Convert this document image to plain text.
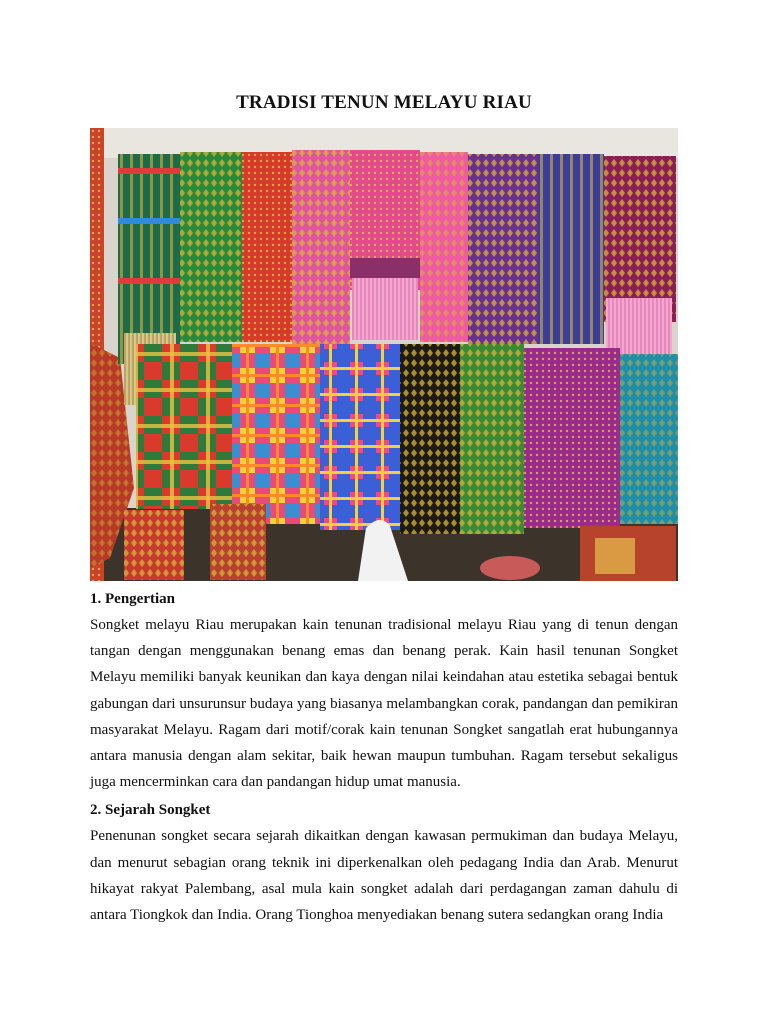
TRADISI TENUN MELAYU RIAU

1. Pengertian

Songket melayu Riau merupakan kain tenunan tradisional melayu Riau yang di tenun dengan tangan dengan menggunakan benang emas dan benang perak. Kain hasil tenunan Songket Melayu memiliki banyak keunikan dan kaya dengan nilai keindahan atau estetika sebagai bentuk gabungan dari unsurunsur budaya yang biasanya melambangkan corak, pandangan dan pemikiran masyarakat Melayu. Ragam dari motif/corak kain tenunan Songket sangatlah erat hubungannya antara manusia dengan alam sekitar, baik hewan maupun tumbuhan. Ragam tersebut sekaligus juga mencerminkan cara dan pandangan hidup umat manusia.

2. Sejarah Songket

Penenunan songket secara sejarah dikaitkan dengan kawasan permukiman dan budaya Melayu, dan menurut sebagian orang teknik ini diperkenalkan oleh pedagang India dan Arab. Menurut hikayat rakyat Palembang, asal mula kain songket adalah dari perdagangan zaman dahulu di antara Tiongkok dan India. Orang Tionghoa menyediakan benang sutera sedangkan orang India
